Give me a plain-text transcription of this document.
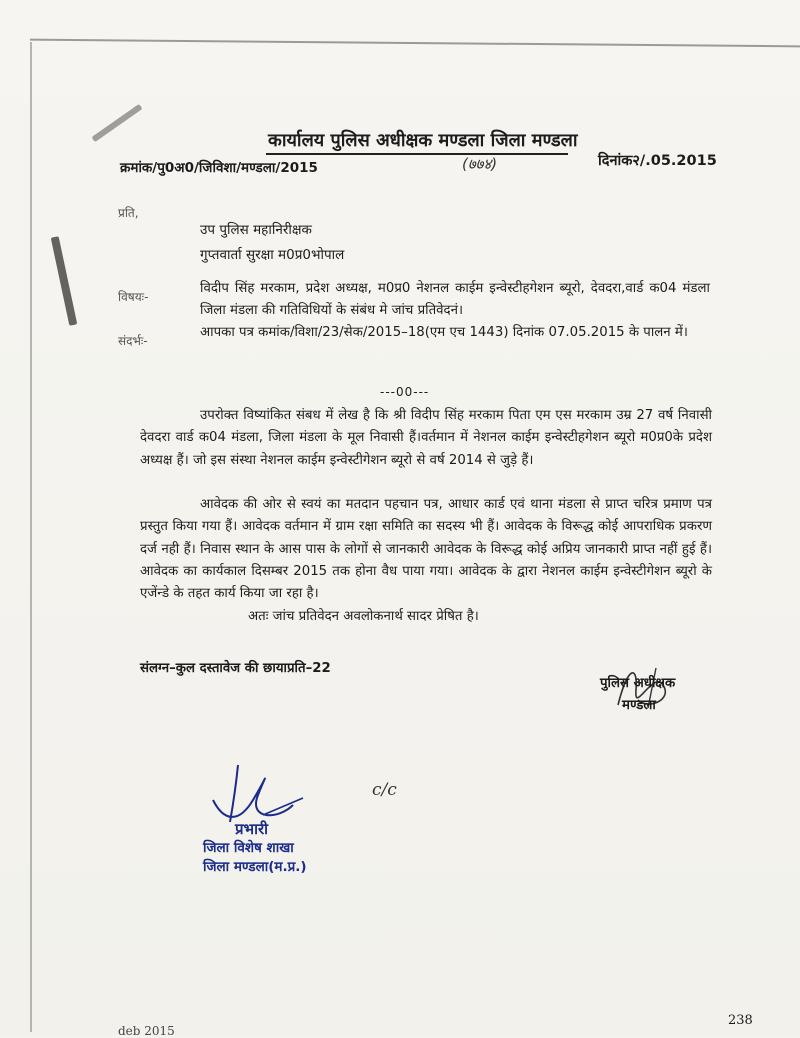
कार्यालय पुलिस अधीक्षक मण्डला जिला मण्डला
क्रमांक/पु0अ0/जिविशा/मण्डला/2015	(७७४)	दिनांक२/.05.2015
प्रति,
विषयः-
संदर्भः-
उप पुलिस महानिरीक्षक
गुप्तवार्ता सुरक्षा म0प्र0भोपाल
विदीप सिंह मरकाम, प्रदेश अध्यक्ष, म0प्र0 नेशनल काईम इन्वेस्टीहगेशन ब्यूरो, देवदरा,वार्ड क04 मंडला जिला मंडला की गतिविधियों के संबंध मे जांच प्रतिवेदनं।
आपका पत्र कमांक/विशा/23/सेक/2015–18(एम एच 1443) दिनांक 07.05.2015 के पालन में।
---00---
उपरोक्त विष्यांकित संबध में लेख है कि श्री विदीप सिंह मरकाम पिता एम एस मरकाम उम्र 27 वर्ष निवासी देवदरा वार्ड क04 मंडला, जिला मंडला के मूल निवासी हैं।वर्तमान में नेशनल काईम इन्वेस्टीहगेशन ब्यूरो म0प्र0के प्रदेश अध्यक्ष हैं। जो इस संस्था नेशनल काईम इन्वेस्टीगेशन ब्यूरो से वर्ष 2014 से जुड़े हैं।
आवेदक की ओर से स्वयं का मतदान पहचान पत्र, आधार कार्ड एवं थाना मंडला से प्राप्त चरित्र प्रमाण पत्र प्रस्तुत किया गया हैं। आवेदक वर्तमान में ग्राम रक्षा समिति का सदस्य भी हैं। आवेदक के विरूद्ध कोई आपराधिक प्रकरण दर्ज नही हैं। निवास स्थान के आस पास के लोगों से जानकारी आवेदक के विरूद्ध कोई अप्रिय जानकारी प्राप्त नहीं हुई हैं। आवेदक का कार्यकाल दिसम्बर 2015 तक होना वैध पाया गया। आवेदक के द्वारा नेशनल काईम इन्वेस्टीगेशन ब्यूरो के एजेंन्डे के तहत कार्य किया जा रहा है।
अतः जांच प्रतिवेदन अवलोकनार्थ सादर प्रेषित है।
संलग्न–कुल दस्तावेज की छायाप्रति–22
पुलिस अधीक्षक
मण्डला
c/c
प्रभारी
जिला विशेष शाखा
जिला मण्डला(म.प्र.)
238
deb 2015
